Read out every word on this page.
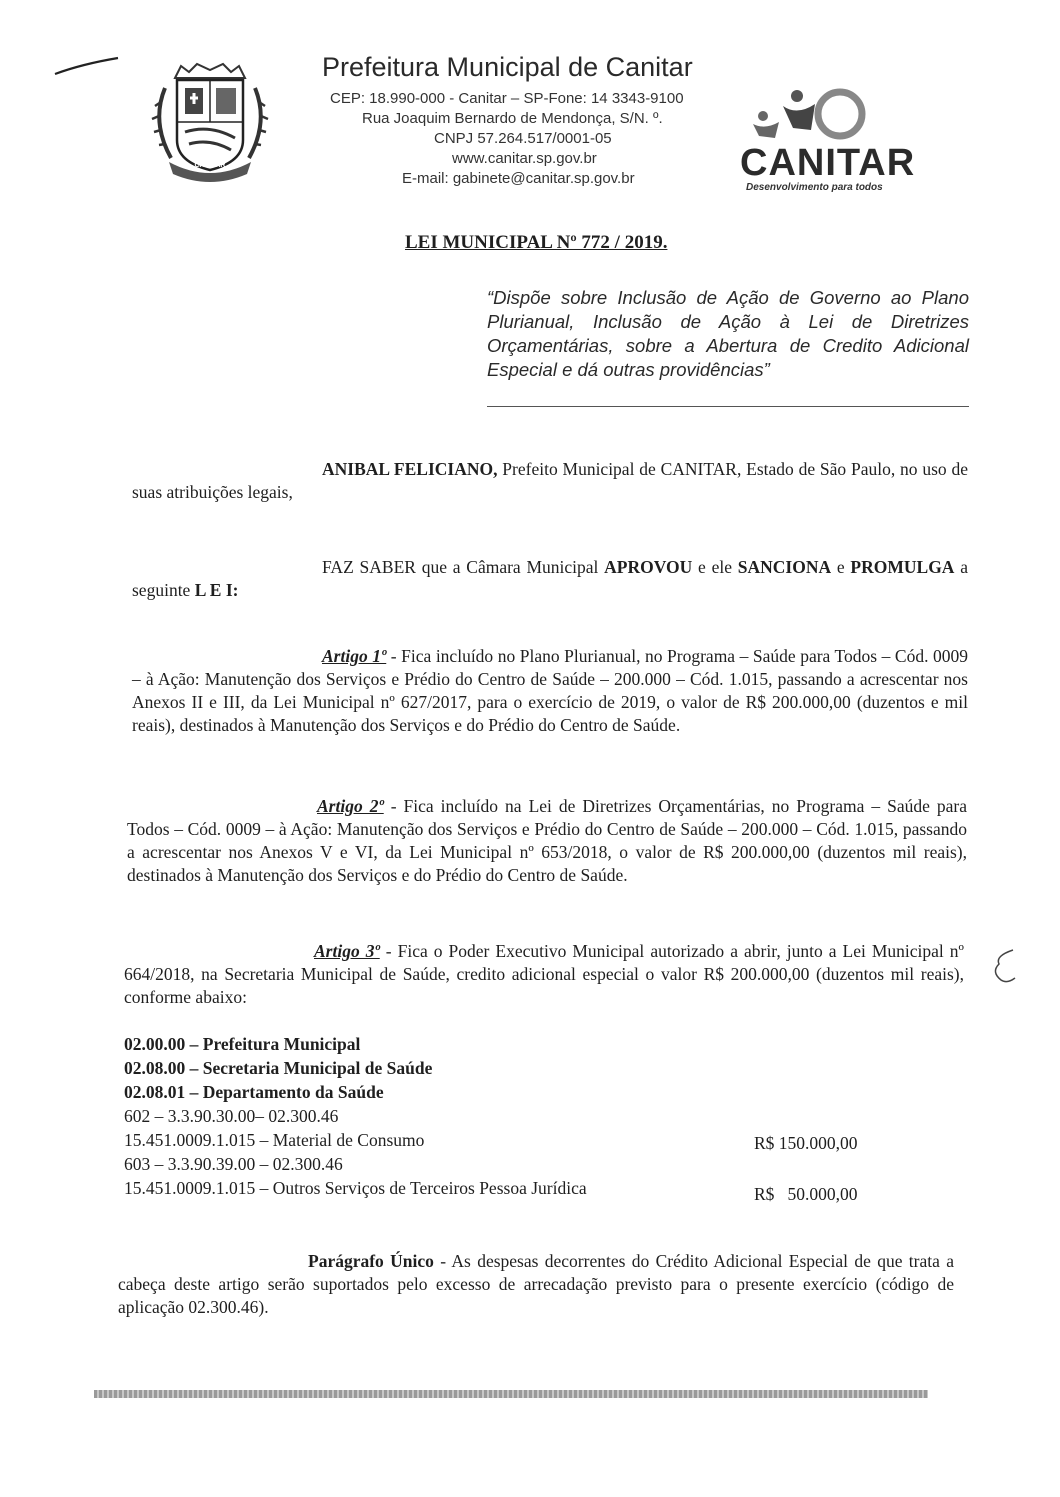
CANITAR
Prefeitura Municipal de Canitar
CEP: 18.990-000 - Canitar – SP-Fone: 14 3343-9100
Rua Joaquim Bernardo de Mendonça, S/N. º.
CNPJ 57.264.517/0001-05
www.canitar.sp.gov.br
E-mail: gabinete@canitar.sp.gov.br	CANITAR
Desenvolvimento para todos
LEI MUNICIPAL Nº 772 / 2019.
“Dispõe sobre Inclusão de Ação de Governo ao Plano Plurianual, Inclusão de Ação à Lei de Diretrizes Orçamentárias, sobre a Abertura de Credito Adicional Especial e dá outras providências”
ANIBAL FELICIANO, Prefeito Municipal de CANITAR, Estado de São Paulo, no uso de suas atribuições legais,
FAZ SABER que a Câmara Municipal APROVOU e ele SANCIONA e PROMULGA a seguinte L E I:
Artigo 1º - Fica incluído no Plano Plurianual, no Programa – Saúde para Todos – Cód. 0009 – à Ação: Manutenção dos Serviços e Prédio do Centro de Saúde – 200.000 – Cód. 1.015, passando a acrescentar nos Anexos II e III, da Lei Municipal nº 627/2017, para o exercício de 2019, o valor de R$ 200.000,00 (duzentos e mil reais), destinados à Manutenção dos Serviços e do Prédio do Centro de Saúde.
Artigo 2º - Fica incluído na Lei de Diretrizes Orçamentárias, no Programa – Saúde para Todos – Cód. 0009 – à Ação: Manutenção dos Serviços e Prédio do Centro de Saúde – 200.000 – Cód. 1.015, passando a acrescentar nos Anexos V e VI, da Lei Municipal nº 653/2018, o valor de R$ 200.000,00 (duzentos mil reais), destinados à Manutenção dos Serviços e do Prédio do Centro de Saúde.
Artigo 3º - Fica o Poder Executivo Municipal autorizado a abrir, junto a Lei Municipal nº 664/2018, na Secretaria Municipal de Saúde, credito adicional especial o valor R$ 200.000,00 (duzentos mil reais), conforme abaixo:
02.00.00 – Prefeitura Municipal
02.08.00 – Secretaria Municipal de Saúde
02.08.01 – Departamento da Saúde
602 – 3.3.90.30.00– 02.300.46
15.451.0009.1.015 – Material de Consumo	R$ 150.000,00
603 – 3.3.90.39.00 – 02.300.46
15.451.0009.1.015 – Outros Serviços de Terceiros Pessoa Jurídica	R$   50.000,00
Parágrafo Único - As despesas decorrentes do Crédito Adicional Especial de que trata a cabeça deste artigo serão suportados pelo excesso de arrecadação previsto para o presente exercício (código de aplicação 02.300.46).
